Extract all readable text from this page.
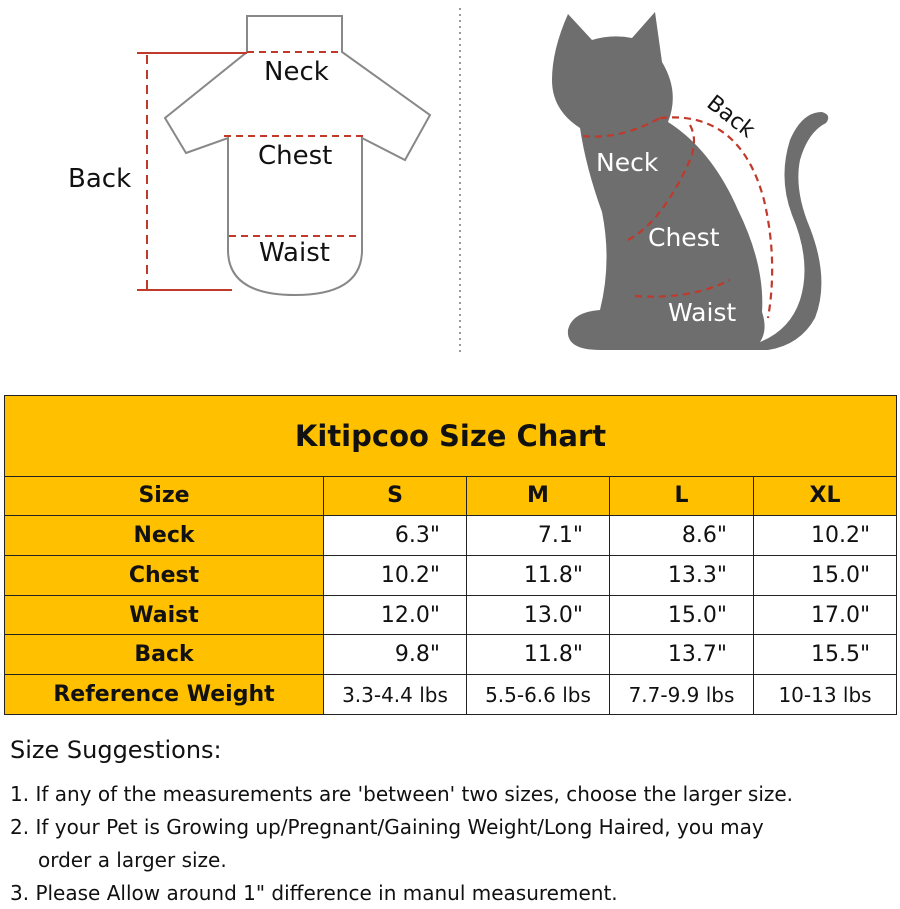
Neck
Chest
Waist
Back
Neck
Chest
Waist
Back
Kitipcoo Size Chart				
Size	S	M	L	XL
Neck	6.3"	7.1"	8.6"	10.2"
Chest	10.2"	11.8"	13.3"	15.0"
Waist	12.0"	13.0"	15.0"	17.0"
Back	9.8"	11.8"	13.7"	15.5"
Reference Weight	3.3-4.4 lbs	5.5-6.6 lbs	7.7-9.9 lbs	10-13 lbs
Size Suggestions:
1. If any of the measurements are 'between' two sizes, choose the larger size.
2. If your Pet is Growing up/Pregnant/Gaining Weight/Long Haired, you may
order a larger size.
3. Please Allow around 1" difference in manul measurement.
